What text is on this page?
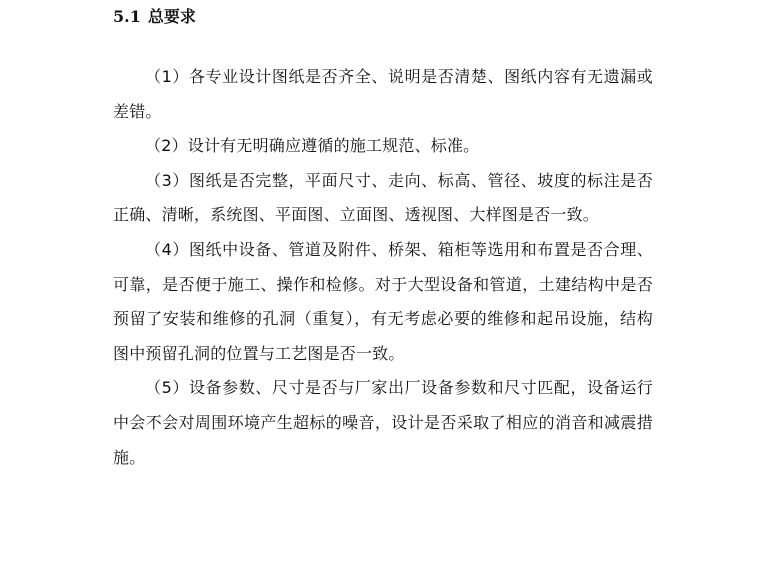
5.1 总要求

（1）各专业设计图纸是否齐全、说明是否清楚、图纸内容有无遗漏或差错。

（2）设计有无明确应遵循的施工规范、标准。

（3）图纸是否完整，平面尺寸、走向、标高、管径、坡度的标注是否正确、清晰，系统图、平面图、立面图、透视图、大样图是否一致。

（4）图纸中设备、管道及附件、桥架、箱柜等选用和布置是否合理、可靠，是否便于施工、操作和检修。对于大型设备和管道，土建结构中是否预留了安装和维修的孔洞（重复），有无考虑必要的维修和起吊设施，结构图中预留孔洞的位置与工艺图是否一致。

（5）设备参数、尺寸是否与厂家出厂设备参数和尺寸匹配，设备运行中会不会对周围环境产生超标的噪音，设计是否采取了相应的消音和减震措施。
